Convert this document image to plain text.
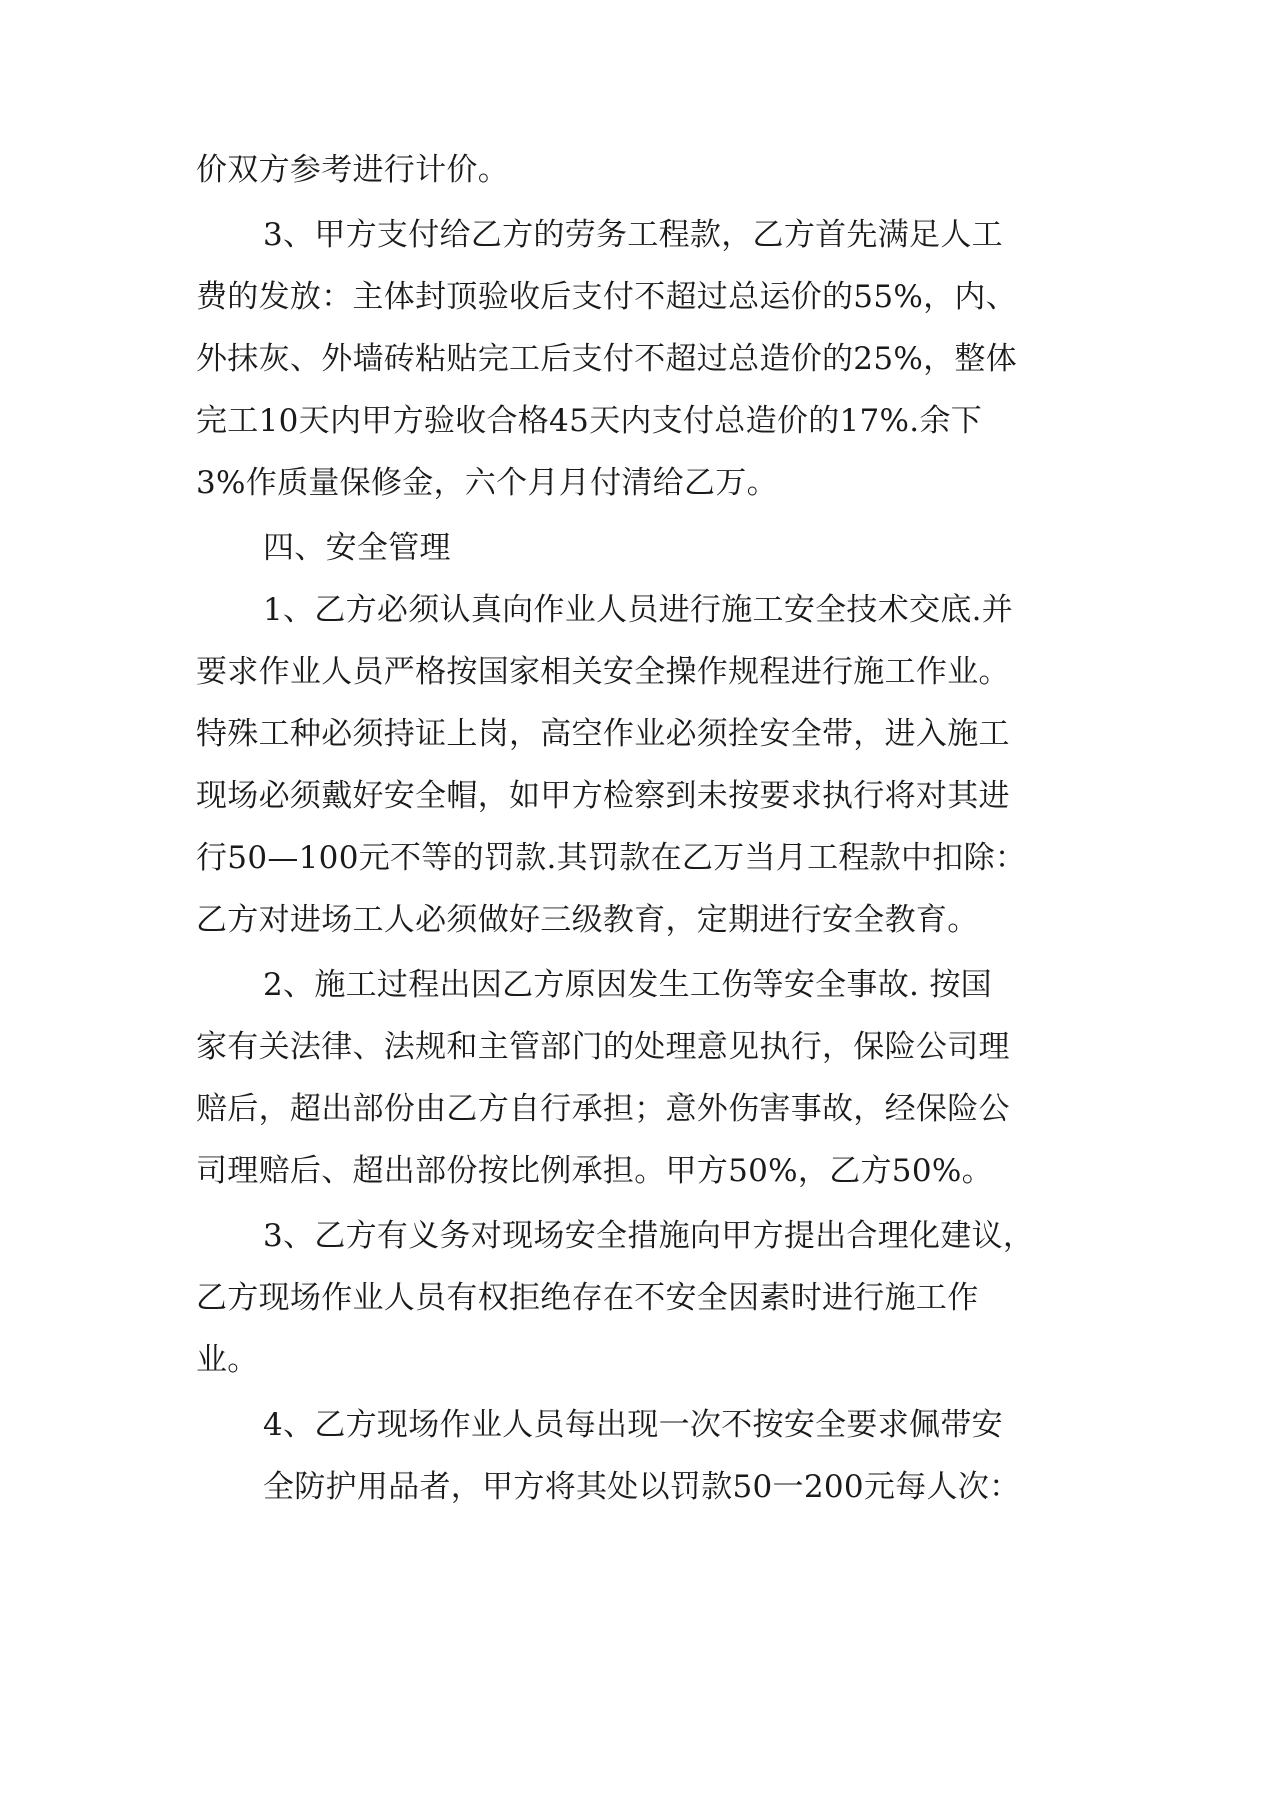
价双方参考进行计价。

3、甲方支付给乙方的劳务工程款，乙方首先满足人工

费的发放：主体封顶验收后支付不超过总运价的55%，内、

外抹灰、外墙砖粘贴完工后支付不超过总造价的25%，整体

完工10天内甲方验收合格45天内支付总造价的17%.余下

3%作质量保修金，六个月月付清给乙万。

四、安全管理

1、乙方必须认真向作业人员进行施工安全技术交底.并

要求作业人员严格按国家相关安全操作规程进行施工作业。

特殊工种必须持证上岗，高空作业必须拴安全带，进入施工

现场必须戴好安全帽，如甲方检察到未按要求执行将对其进

行50—100元不等的罚款.其罚款在乙万当月工程款中扣除：

乙方对进场工人必须做好三级教育，定期进行安全教育。

2、施工过程出因乙方原因发生工伤等安全事故. 按国

家有关法律、法规和主管部门的处理意见执行，保险公司理

赔后，超出部份由乙方自行承担；意外伤害事故，经保险公

司理赔后、超出部份按比例承担。甲方50%，乙方50%。

3、乙方有义务对现场安全措施向甲方提出合理化建议，

乙方现场作业人员有权拒绝存在不安全因素时进行施工作

业。

4、乙方现场作业人员每出现一次不按安全要求佩带安

全防护用品者，甲方将其处以罚款50一200元每人次：
